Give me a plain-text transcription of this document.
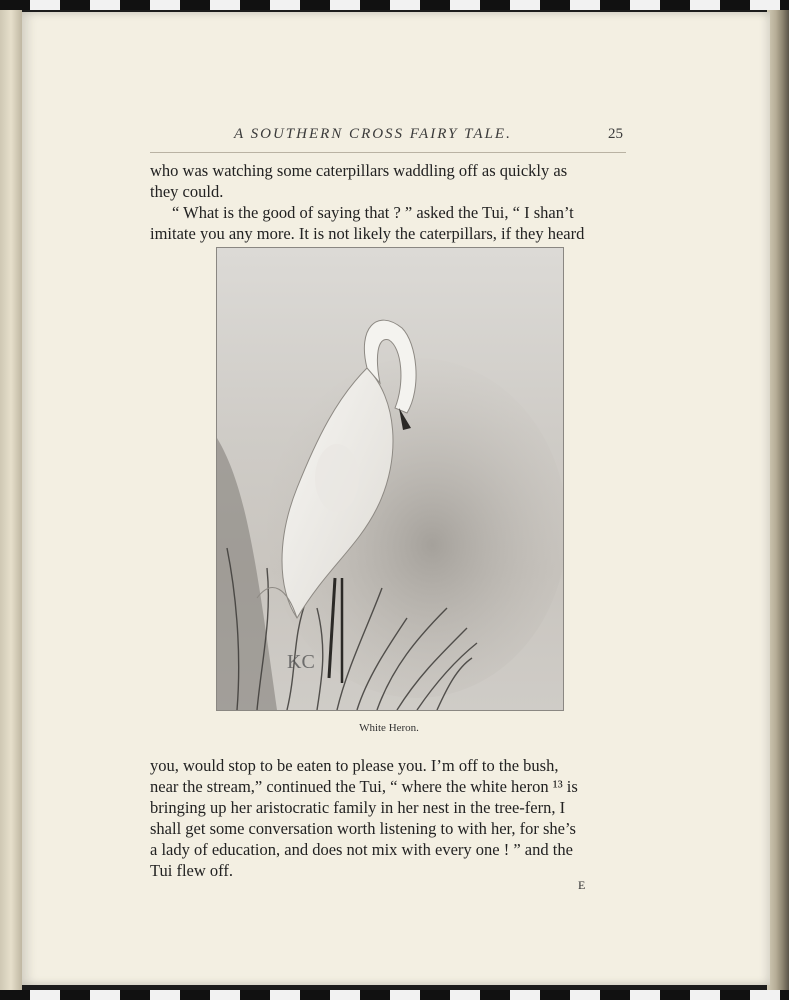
A SOUTHERN CROSS FAIRY TALE.	25
who was watching some caterpillars waddling off as quickly as
they could.
“ What is the good of saying that ? ” asked the Tui, “ I shan’t
imitate you any more. It is not likely the caterpillars, if they heard
KC
White Heron.
you, would stop to be eaten to please you. I’m off to the bush,
near the stream,” continued the Tui, “ where the white heron ¹³ is
bringing up her aristocratic family in her nest in the tree-fern, I
shall get some conversation worth listening to with her, for she’s
a lady of education, and does not mix with every one ! ” and the
Tui flew off.
E
